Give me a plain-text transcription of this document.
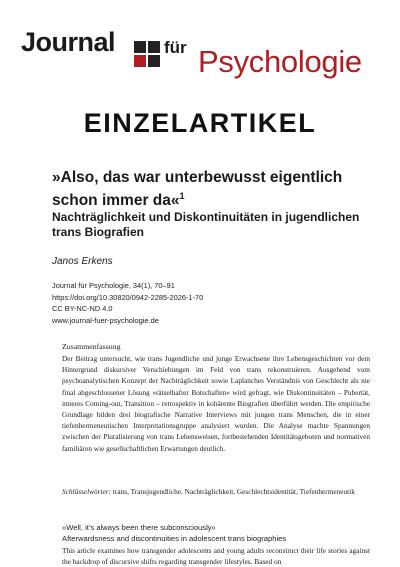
Journal	für Psychologie
EINZELARTIKEL
»Also, das war unterbewusst eigentlich schon immer da«$^1$
Nachträglichkeit und Diskontinuitäten in jugendlichen trans Biografien
Janos Erkens
Journal für Psychologie, 34(1), 70–91
https://doi.org/10.30820/0942-2285-2026-1-70
CC BY-NC-ND 4.0
www.journal-fuer-psychologie.de
Zusammenfassung
Der Beitrag untersucht, wie trans Jugendliche und junge Erwachsene ihre Lebensgeschichten vor dem Hintergrund diskursiver Verschiebungen im Feld von trans rekonstruieren. Ausgehend vom psychoanalytischen Konzept der Nachträglichkeit sowie Laplanches Verständnis von Geschlecht als nie final abgeschlossener Lösung »rätselhafter Botschaften« wird gefragt, wie Diskontinuitäten – Pubertät, inneres Coming-out, Transition – retrospektiv in kohärente Biografien überführt werden. Die empirische Grundlage bilden drei biografische Narrative Interviews mit jungen trans Menschen, die in einer tiefenhermeneutischen Interpretationsgruppe analysiert wurden. Die Analyse machte Spannungen zwischen der Pluralisierung von trans Lebensweisen, fortbestehenden Identitätsgeboten und normativen familiären wie gesellschaftlichen Erwartungen deutlich.
Schlüsselwörter: trans, Transjugendliche, Nachträglichkeit, Geschlechtsidentität, Tiefenhermeneutik
»Well, it’s always been there subconsciously«
Afterwardsness and discontinuities in adolescent trans biographies
This article examines how transgender adolescents and young adults reconstruct their life stories against the backdrop of discursive shifts regarding transgender lifestyles. Based on
